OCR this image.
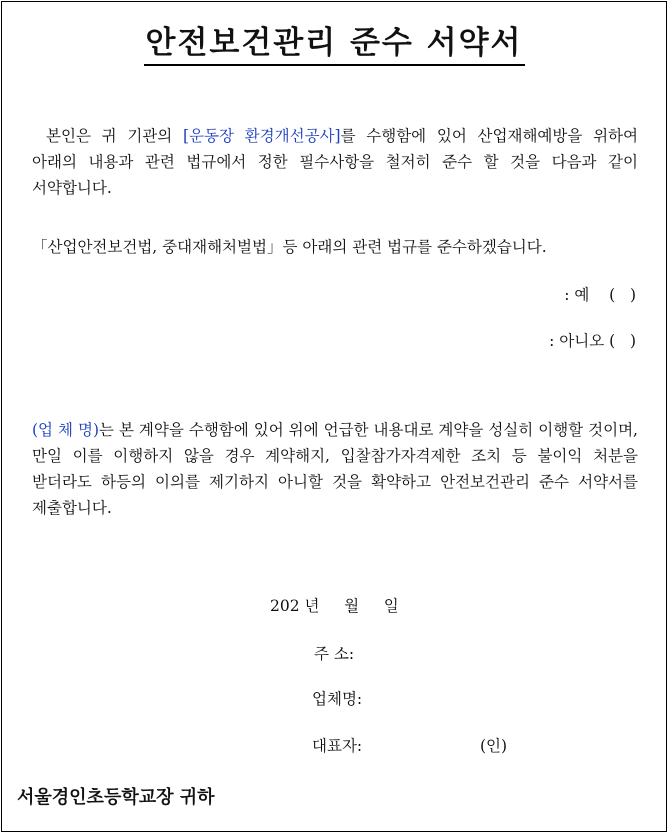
안전보건관리 준수 서약서
본인은 귀 기관의 [운동장 환경개선공사]를 수행함에 있어 산업재해예방을 위하여 아래의 내용과 관련 법규에서 정한 필수사항을 철저히 준수 할 것을 다음과 같이 서약합니다.
「산업안전보건법, 중대재해처벌법」등 아래의 관련 법규를 준수하겠습니다.
: 예    (   )
: 아니오 (   )
(업 체 명)는 본 계약을 수행함에 있어 위에 언급한 내용대로 계약을 성실히 이행할 것이며, 만일 이를 이행하지 않을 경우 계약해지, 입찰참가자격제한 조치 등 불이익 처분을 받더라도 하등의 이의를 제기하지 아니할 것을 확약하고 안전보건관리 준수 서약서를 제출합니다.
202 년     월     일
주 소:
업체명:
대표자:	(인)
서울경인초등학교장 귀하
